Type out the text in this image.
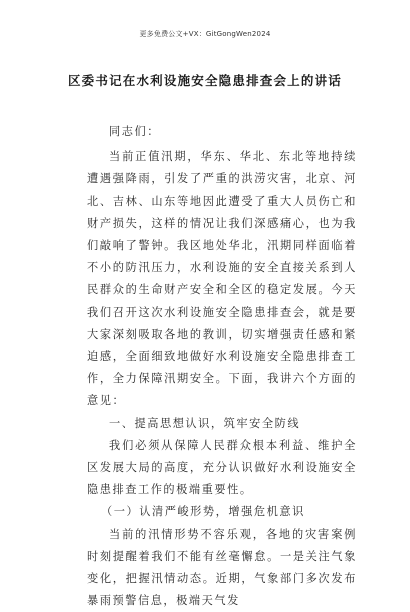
更多免费公文+VX：GitGongWen2024
区委书记在水利设施安全隐患排查会上的讲话

同志们：

当前正值汛期，华东、华北、东北等地持续遭遇强降雨，引发了严重的洪涝灾害，北京、河北、吉林、山东等地因此遭受了重大人员伤亡和财产损失，这样的情况让我们深感痛心，也为我们敲响了警钟。我区地处华北，汛期同样面临着不小的防汛压力，水利设施的安全直接关系到人民群众的生命财产安全和全区的稳定发展。今天我们召开这次水利设施安全隐患排查会，就是要大家深刻吸取各地的教训，切实增强责任感和紧迫感，全面细致地做好水利设施安全隐患排查工作，全力保障汛期安全。下面，我讲六个方面的意见：

一、提高思想认识，筑牢安全防线

我们必须从保障人民群众根本利益、维护全区发展大局的高度，充分认识做好水利设施安全隐患排查工作的极端重要性。

（一）认清严峻形势，增强危机意识

当前的汛情形势不容乐观，各地的灾害案例时刻提醒着我们不能有丝毫懈怠。一是关注气象变化，把握汛情动态。近期，气象部门多次发布暴雨预警信息，极端天气发
